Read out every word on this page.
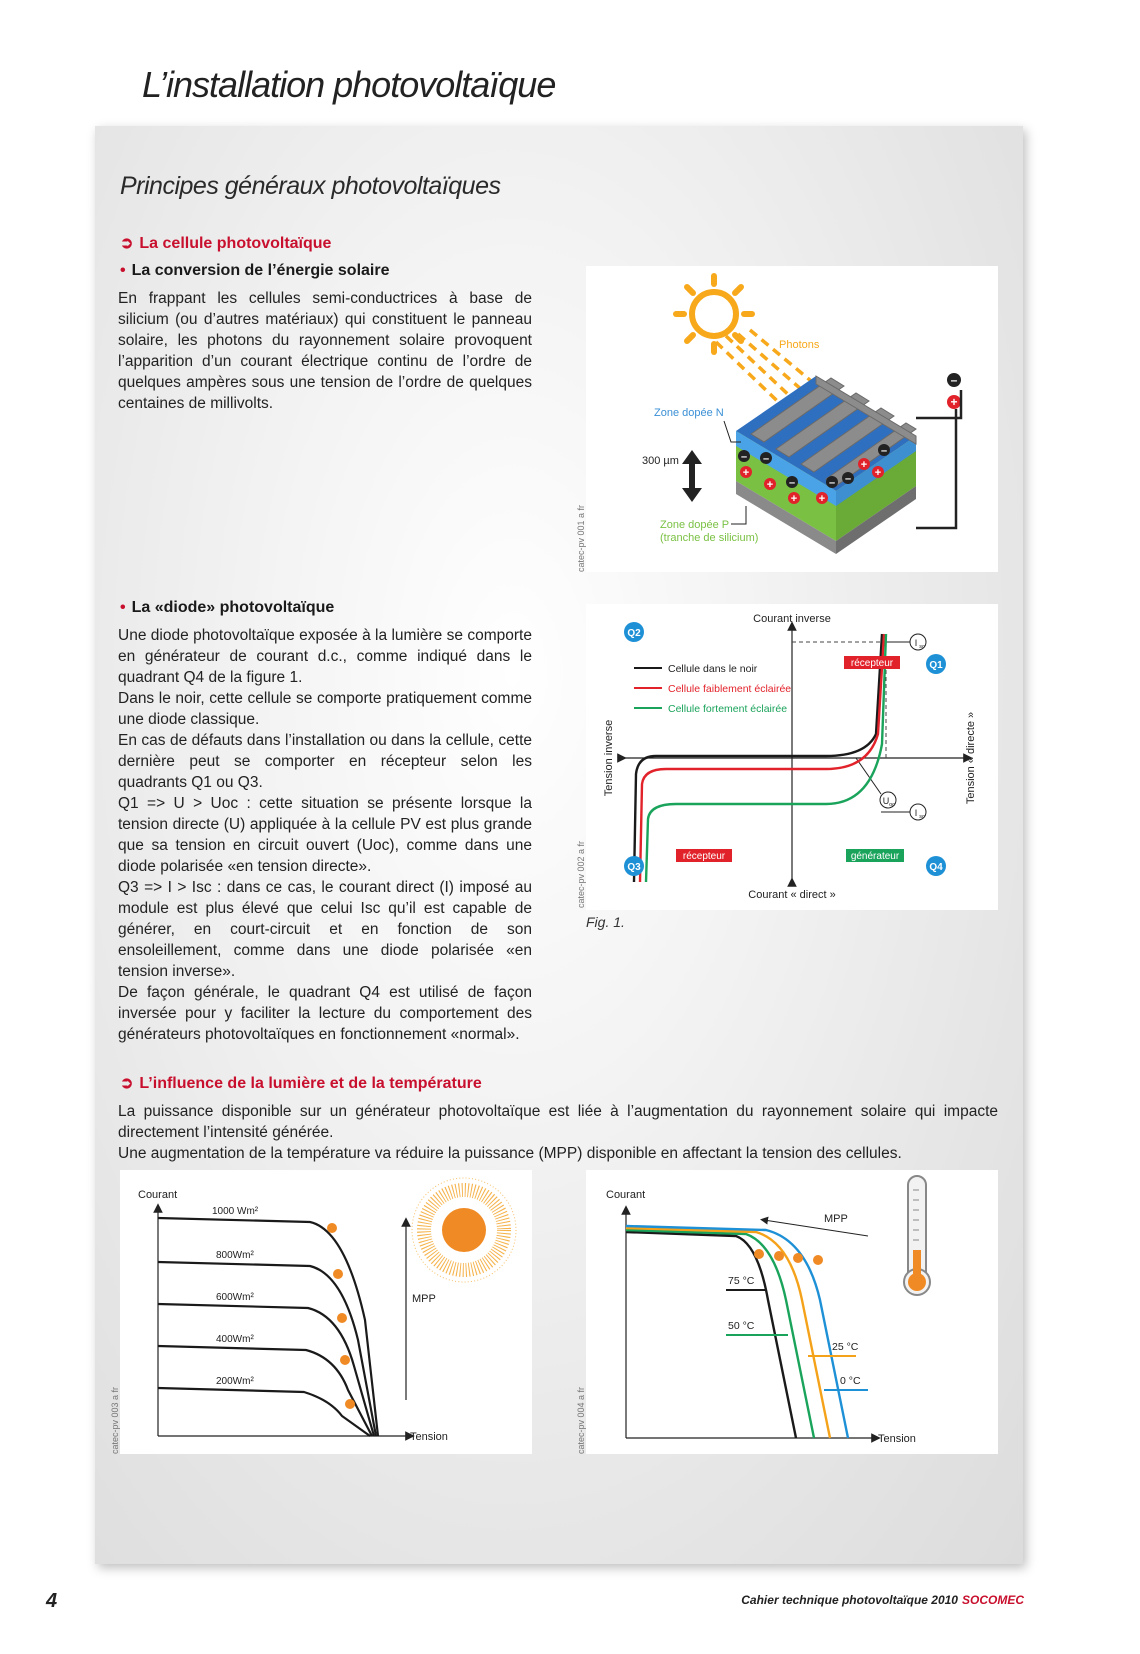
L’installation photovoltaïque
Principes généraux photovoltaïques
➲ La cellule photovoltaïque
• La conversion de l’énergie solaire

En frappant les cellules semi-conductrices à base de silicium (ou d’autres matériaux) qui constituent le panneau solaire, les photons du rayonnement solaire provoquent l’apparition d’un courant électrique continu de l’ordre de quelques ampères sous une tension de l’ordre de quelques centaines de millivolts.

– –
–	– –
–
+
+
+ +
+
+
–
+
Photons
Zone dopée N
300 µm
Zone dopée P
(tranche de silicium)
catec-pv 001 a fr
• La «diode» photovoltaïque

Une diode photovoltaïque exposée à la lumière se comporte en générateur de courant d.c., comme indiqué dans le quadrant Q4 de la figure 1.

Dans le noir, cette cellule se comporte pratiquement comme une diode classique.

En cas de défauts dans l’installation ou dans la cellule, cette dernière peut se comporter en récepteur selon les quadrants Q1 ou Q3.

Q1 => U > Uoc : cette situation se présente lorsque la tension directe (U) appliquée à la cellule PV est plus grande que sa tension en circuit ouvert (Uoc), comme dans une diode polarisée «en tension directe».

Q3 => I > Isc : dans ce cas, le courant direct (I) imposé au module est plus élevé que celui Isc qu’il est capable de générer, en court-circuit et en fonction de son ensoleillement, comme dans une diode polarisée «en tension inverse».

De façon générale, le quadrant Q4 est utilisé de façon inversée pour y faciliter la lecture du comportement des générateurs photovoltaïques en fonctionnement «normal».

Q1
Q2
Q3	Q4
récepteur
récepteur	générateur
Cellule dans le noir
Cellule faiblement éclairée
Cellule fortement éclairée
I sc
U oc
I sc
Courant inverse
Courant « direct »
Tension inverse	Tension « directe »
catec-pv 002 a fr
Fig. 1.
➲ L’influence de la lumière et de la température

La puissance disponible sur un générateur photovoltaïque est liée à l’augmentation du rayonnement solaire qui impacte directement l’intensité générée.

Une augmentation de la température va réduire la puissance (MPP) disponible en affectant la tension des cellules.

Courant
Tension
1000 Wm²
800Wm²
600Wm²
400Wm²
200Wm²
MPP
catec-pv 003 a fr
Courant
Tension
75 °C
50 °C
25 °C
0 °C
MPP
catec-pv 004 a fr
4	Cahier technique photovoltaïque 2010 SOCOMEC
